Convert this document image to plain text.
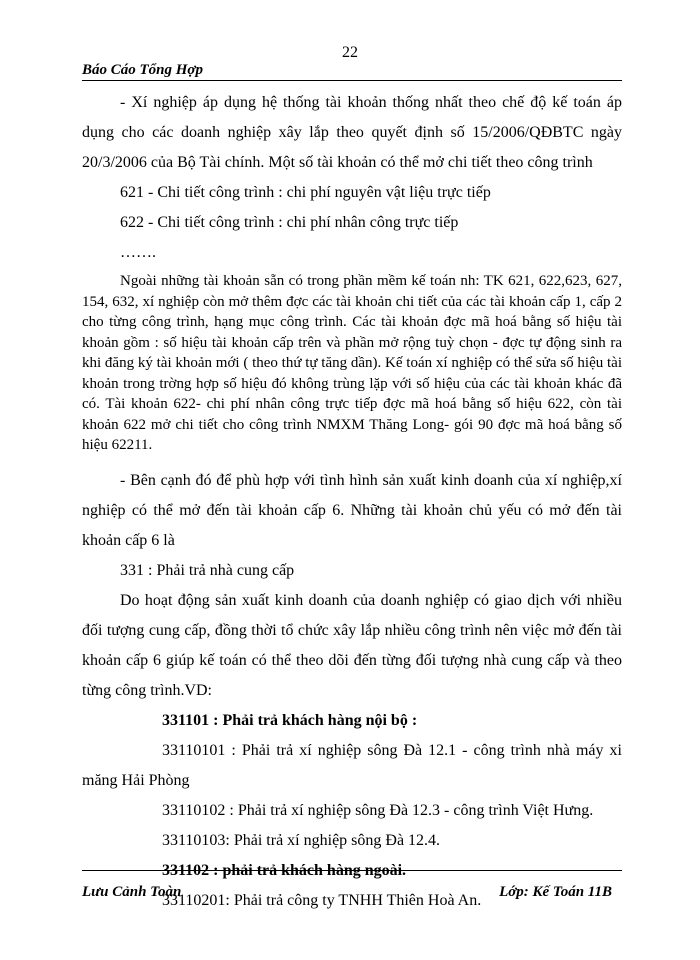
22
Báo Cáo Tổng Hợp

- Xí nghiệp áp dụng hệ thống tài khoản thống nhất theo chế độ kế toán áp dụng cho các doanh nghiệp xây lắp theo quyết định số 15/2006/QĐBTC ngày 20/3/2006 của Bộ Tài chính. Một số tài khoản có thể mở chi tiết theo công trình

621 - Chi tiết công trình : chi phí nguyên vật liệu trực tiếp

622 - Chi tiết công trình : chi phí nhân công trực tiếp

…….

Ngoài những tài khoản sẵn có trong phần mềm kế toán nh: TK 621, 622,623, 627, 154, 632, xí nghiệp còn mở thêm đợc các tài khoản chi tiết của các tài khoản cấp 1, cấp 2 cho từng công trình, hạng mục công trình. Các tài khoản đợc mã hoá bằng số hiệu tài khoản gồm : số hiệu tài khoản cấp trên và phần mở rộng tuỳ chọn - đợc tự động sinh ra khi đăng ký tài khoản mới ( theo thứ tự tăng dần). Kế toán xí nghiệp có thể sửa số hiệu tài khoản trong trờng hợp số hiệu đó không trùng lặp với số hiệu của các tài khoản khác đã có. Tài khoản 622- chi phí nhân công trực tiếp đợc mã hoá bằng số hiệu 622, còn tài khoản 622 mở chi tiết cho công trình NMXM Thăng Long- gói 90 đợc mã hoá bằng số hiệu 62211.

- Bên cạnh đó để phù hợp với tình hình sản xuất kinh doanh của xí nghiệp,xí nghiệp có thể mở đến tài khoản cấp 6. Những tài khoản chủ yếu có mở đến tài khoản cấp 6 là

331 : Phải trả nhà cung cấp

Do hoạt động sản xuất kinh doanh của doanh nghiệp có giao dịch với nhiều đối tượng cung cấp, đồng thời tổ chức xây lắp nhiều công trình nên việc mở đến tài khoản cấp 6 giúp kế toán có thể theo dõi đến từng đối tượng nhà cung cấp và theo từng công trình.VD:

331101 : Phải trả khách hàng nội bộ :

33110101 : Phải trả xí nghiệp sông Đà 12.1 - công trình nhà máy xi măng Hải Phòng

33110102 : Phải trả xí nghiệp sông Đà 12.3 - công trình Việt Hưng.

33110103: Phải trả xí nghiệp sông Đà 12.4.

331102 : phải trả khách hàng ngoài.

33110201: Phải trả công ty TNHH Thiên Hoà An.

Lưu Cảnh Toàn	Lớp: Kế Toán 11B
